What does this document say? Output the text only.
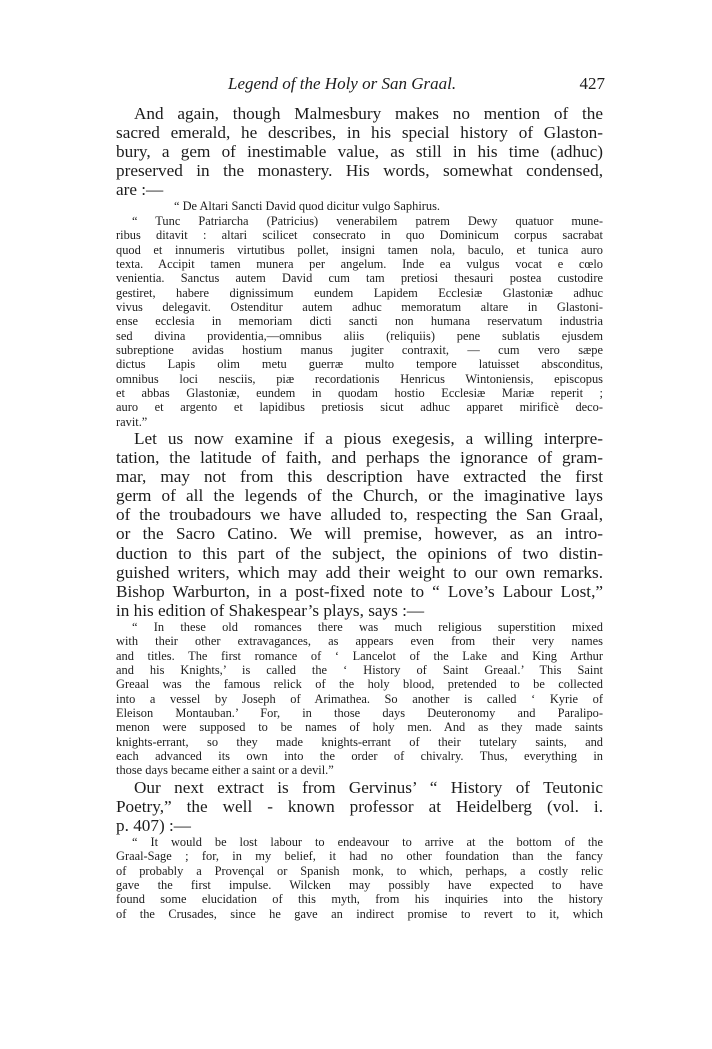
Legend of the Holy or San Graal.	427
And again, though Malmesbury makes no mention of the
sacred emerald, he describes, in his special history of Glaston-
bury, a gem of inestimable value, as still in his time (adhuc)
preserved in the monastery. His words, somewhat condensed,
are :—
“ De Altari Sancti David quod dicitur vulgo Saphirus.
“ Tunc Patriarcha (Patricius) venerabilem patrem Dewy quatuor mune-
ribus ditavit : altari scilicet consecrato in quo Dominicum corpus sacrabat
quod et innumeris virtutibus pollet, insigni tamen nola, baculo, et tunica auro
texta. Accipit tamen munera per angelum. Inde ea vulgus vocat e cœlo
venientia. Sanctus autem David cum tam pretiosi thesauri postea custodire
gestiret, habere dignissimum eundem Lapidem Ecclesiæ Glastoniæ adhuc
vivus delegavit. Ostenditur autem adhuc memoratum altare in Glastoni-
ense ecclesia in memoriam dicti sancti non humana reservatum industria
sed divina providentia,—omnibus aliis (reliquiis) pene sublatis ejusdem
subreptione avidas hostium manus jugiter contraxit, — cum vero sæpe
dictus Lapis olim metu guerræ multo tempore latuisset absconditus,
omnibus loci nesciis, piæ recordationis Henricus Wintoniensis, episcopus
et abbas Glastoniæ, eundem in quodam hostio Ecclesiæ Mariæ reperit ;
auro et argento et lapidibus pretiosis sicut adhuc apparet mirificè deco-
ravit.”
Let us now examine if a pious exegesis, a willing interpre-
tation, the latitude of faith, and perhaps the ignorance of gram-
mar, may not from this description have extracted the first
germ of all the legends of the Church, or the imaginative lays
of the troubadours we have alluded to, respecting the San Graal,
or the Sacro Catino. We will premise, however, as an intro-
duction to this part of the subject, the opinions of two distin-
guished writers, which may add their weight to our own remarks.
Bishop Warburton, in a post-fixed note to “ Love’s Labour Lost,”
in his edition of Shakespear’s plays, says :—
“ In these old romances there was much religious superstition mixed
with their other extravagances, as appears even from their very names
and titles. The first romance of ‘ Lancelot of the Lake and King Arthur
and his Knights,’ is called the ‘ History of Saint Greaal.’ This Saint
Greaal was the famous relick of the holy blood, pretended to be collected
into a vessel by Joseph of Arimathea. So another is called ‘ Kyrie of
Eleison Montauban.’ For, in those days Deuteronomy and Paralipo-
menon were supposed to be names of holy men. And as they made saints
knights-errant, so they made knights-errant of their tutelary saints, and
each advanced its own into the order of chivalry. Thus, everything in
those days became either a saint or a devil.”
Our next extract is from Gervinus’ “ History of Teutonic
Poetry,” the well - known professor at Heidelberg (vol. i.
p. 407) :—
“ It would be lost labour to endeavour to arrive at the bottom of the
Graal-Sage ; for, in my belief, it had no other foundation than the fancy
of probably a Provençal or Spanish monk, to which, perhaps, a costly relic
gave the first impulse. Wilcken may possibly have expected to have
found some elucidation of this myth, from his inquiries into the history
of the Crusades, since he gave an indirect promise to revert to it, which
